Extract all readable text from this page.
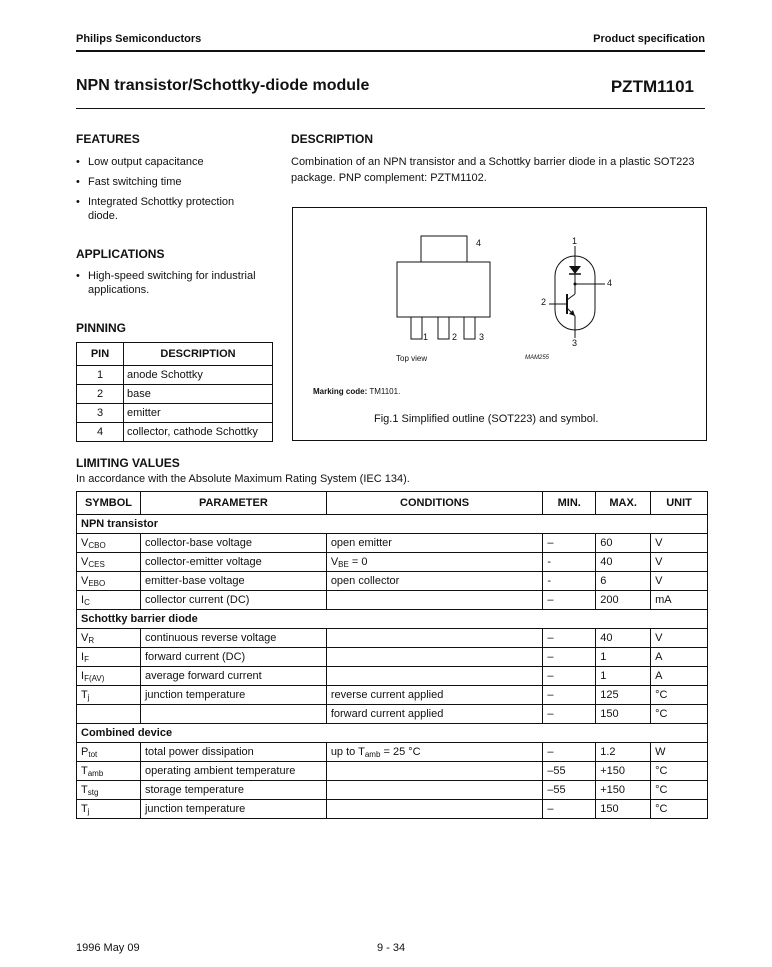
Philips Semiconductors	Product specification
NPN transistor/Schottky-diode module	PZTM1101
FEATURES
• Low output capacitance
• Fast switching time
• Integrated Schottky protection diode.
APPLICATIONS
• High-speed switching for industrial applications.
PINNING
PIN	DESCRIPTION
1	anode Schottky
2	base
3	emitter
4	collector, cathode Schottky
DESCRIPTION
Combination of an NPN transistor and a Schottky barrier diode in a plastic SOT223 package. PNP complement: PZTM1102.
4
1	2 3
1
2
3
4
Top view	MAM255
Marking code: TM1101.
Fig.1 Simplified outline (SOT223) and symbol.
LIMITING VALUES
In accordance with the Absolute Maximum Rating System (IEC 134).
SYMBOL	PARAMETER	CONDITIONS	MIN.	MAX.	UNIT
NPN transistor					
$V_{CBO}$	collector-base voltage	open emitter	–	60	V
$V_{CES}$	collector-emitter voltage	$V_{BE} = 0$	-	40	V
$V_{EBO}$	emitter-base voltage	open collector	-	6	V
$I_C$	collector current (DC)		–	200	mA
Schottky barrier diode					
$V_R$	continuous reverse voltage		–	40	V
$I_F$	forward current (DC)		–	1	A
$I_{F(AV)}$	average forward current		–	1	A
$T_j$	junction temperature	reverse current applied	–	125	°C
		forward current applied	–	150	°C
Combined device					
$P_{tot}$	total power dissipation	up to $T_{amb} = 25$ °C	–	1.2	W
$T_{amb}$	operating ambient temperature		–55	+150	°C
$T_{stg}$	storage temperature		–55	+150	°C
$T_j$	junction temperature		–	150	°C
1996 May 09	9 - 34
